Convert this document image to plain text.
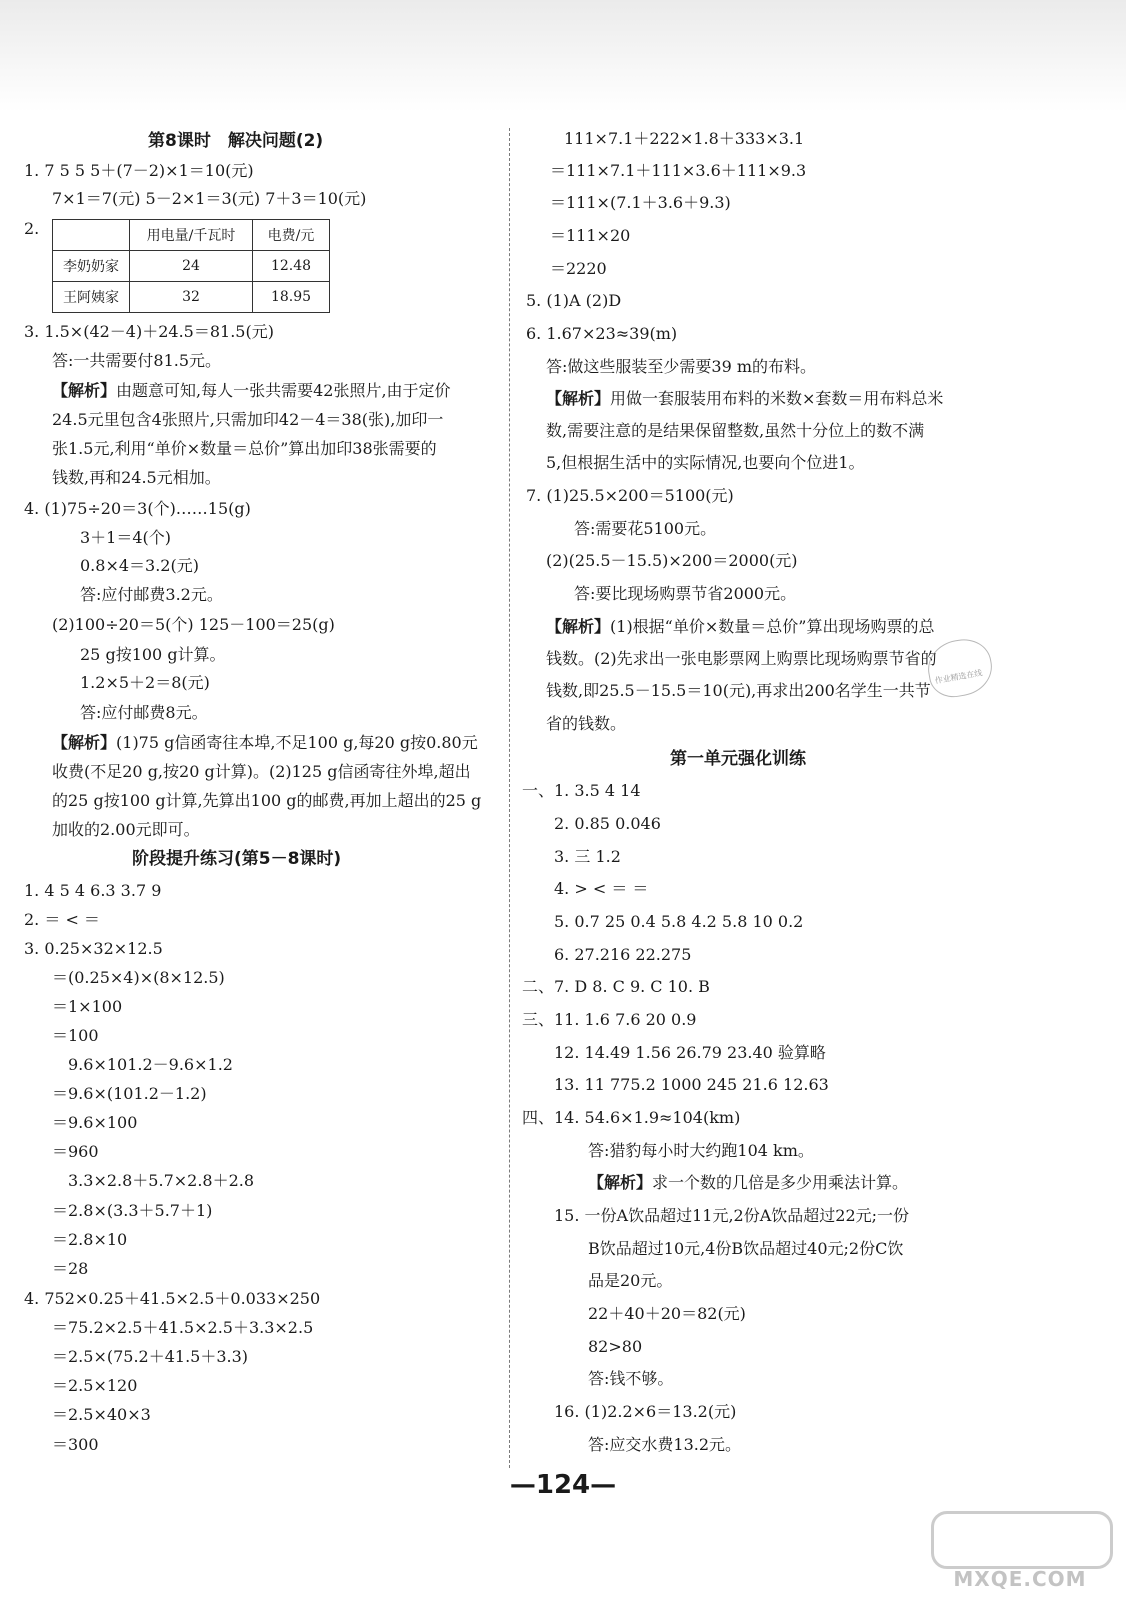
第8课时　解决问题(2)
1. 7 5 5 5＋(7－2)×1＝10(元)
7×1＝7(元) 5－2×1＝3(元) 7＋3＝10(元)
2.
		用电量/千瓦时	电费/元
李奶奶家	24	12.48
王阿姨家	32	18.95
3. 1.5×(42－4)＋24.5＝81.5(元)
答:一共需要付81.5元。
【解析】由题意可知,每人一张共需要42张照片,由于定价
24.5元里包含4张照片,只需加印42－4＝38(张),加印一
张1.5元,利用“单价×数量＝总价”算出加印38张需要的
钱数,再和24.5元相加。
4. (1)75÷20＝3(个)……15(g)
3＋1＝4(个)
0.8×4＝3.2(元)
答:应付邮费3.2元。
(2)100÷20＝5(个) 125－100＝25(g)
25 g按100 g计算。
1.2×5＋2＝8(元)
答:应付邮费8元。
【解析】(1)75 g信函寄往本埠,不足100 g,每20 g按0.80元
收费(不足20 g,按20 g计算)。(2)125 g信函寄往外埠,超出
的25 g按100 g计算,先算出100 g的邮费,再加上超出的25 g
加收的2.00元即可。
阶段提升练习(第5－8课时)
1. 4 5 4 6.3 3.7 9
2. ＝ < ＝
3. 0.25×32×12.5
＝(0.25×4)×(8×12.5)
＝1×100
＝100
9.6×101.2－9.6×1.2
＝9.6×(101.2－1.2)
＝9.6×100
＝960
3.3×2.8＋5.7×2.8＋2.8
＝2.8×(3.3＋5.7＋1)
＝2.8×10
＝28
4. 752×0.25＋41.5×2.5＋0.033×250
＝75.2×2.5＋41.5×2.5＋3.3×2.5
＝2.5×(75.2＋41.5＋3.3)
＝2.5×120
＝2.5×40×3
＝300
111×7.1＋222×1.8＋333×3.1
＝111×7.1＋111×3.6＋111×9.3
＝111×(7.1＋3.6＋9.3)
＝111×20
＝2220
5. (1)A (2)D
6. 1.67×23≈39(m)
答:做这些服装至少需要39 m的布料。
【解析】用做一套服装用布料的米数×套数＝用布料总米
数,需要注意的是结果保留整数,虽然十分位上的数不满
5,但根据生活中的实际情况,也要向个位进1。
7. (1)25.5×200＝5100(元)
答:需要花5100元。
(2)(25.5－15.5)×200＝2000(元)
答:要比现场购票节省2000元。
【解析】(1)根据“单价×数量＝总价”算出现场购票的总
钱数。(2)先求出一张电影票网上购票比现场购票节省的
钱数,即25.5－15.5＝10(元),再求出200名学生一共节
省的钱数。
第一单元强化训练
一、1. 3.5 4 14
2. 0.85 0.046
3. 三 1.2
4. > < ＝ ＝
5. 0.7 25 0.4 5.8 4.2 5.8 10 0.2
6. 27.216 22.275
二、7. D 8. C 9. C 10. B
三、11. 1.6 7.6 20 0.9
12. 14.49 1.56 26.79 23.40 验算略
13. 11 775.2 1000 245 21.6 12.63
四、14. 54.6×1.9≈104(km)
答:猎豹每小时大约跑104 km。
【解析】求一个数的几倍是多少用乘法计算。
15. 一份A饮品超过11元,2份A饮品超过22元;一份
B饮品超过10元,4份B饮品超过40元;2份C饮
品是20元。
22＋40＋20＝82(元)
82>80
答:钱不够。
16. (1)2.2×6＝13.2(元)
答:应交水费13.2元。
作业精选在线
—124—
MXQE.COM
